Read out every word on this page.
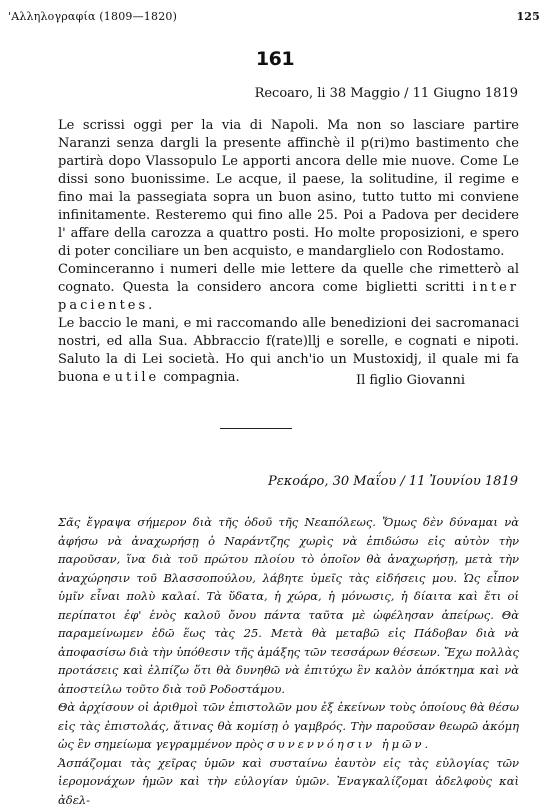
'Αλληλογραφία (1809—1820)	125
161
Recoaro, li 38 Maggio / 11 Giugno 1819

Le scrissi oggi per la via di Napoli. Ma non so lasciare partire Naranzi senza dargli la presente affinchè il p(ri)mo bastimento che partirà dopo Vlassopulo Le apporti ancora delle mie nuove. Come Le dissi sono buonissime. Le acque, il paese, la solitudine, il regime e fino mai la passegiata sopra un buon asino, tutto tutto mi conviene infinitamente. Resteremo qui fino alle 25. Poi a Padova per decidere l' affare della carozza a quattro posti. Ho molte proposizioni, e spero di poter conciliare un ben acquisto, e mandarglielo con Rodostamo.

Cominceranno i numeri delle mie lettere da quelle che rimetterò al cognato. Questa la considero ancora come biglietti scritti inter pacientes.

Le baccio le mani, e mi raccomando alle benedizioni dei sacromanaci nostri, ed alla Sua. Abbraccio f(rate)llj e sorelle, e cognati e nipoti. Saluto la di Lei società. Ho qui anch'io un Mustoxidj, il quale mi fa buona e utile compagnia.	Il figlio Giovanni
Ρεκοάρο, 30 Μαΐου / 11 Ἰουνίου 1819

Σᾶς ἔγραψα σήμερον διὰ τῆς ὁδοῦ τῆς Νεαπόλεως. Ὅμως δὲν δύναμαι νὰ ἀφήσω νὰ ἀναχωρήσῃ ὁ Ναράντζης χωρὶς νὰ ἐπιδώσω εἰς αὐτὸν τὴν παροῦσαν, ἵνα διὰ τοῦ πρώτου πλοίου τὸ ὁποῖον θὰ ἀναχωρήσῃ, μετὰ τὴν ἀναχώρησιν τοῦ Βλασσοπούλου, λάβητε ὑμεῖς τὰς εἰδήσεις μου. Ὡς εἶπον ὑμῖν εἶναι πολὺ καλαί. Τὰ ὕδατα, ἡ χώρα, ἡ μόνωσις, ἡ δίαιτα καὶ ἔτι οἱ περίπατοι ἐφ' ἑνὸς καλοῦ ὄνου πάντα ταῦτα μὲ ὠφέλησαν ἀπείρως. Θὰ παραμείνωμεν ἐδῶ ἕως τὰς 25. Μετὰ θὰ μεταβῶ εἰς Πάδοβαν διὰ νὰ ἀποφασίσω διὰ τὴν ὑπόθεσιν τῆς ἁμάξης τῶν τεσσάρων θέσεων. Ἔχω πολλὰς προτάσεις καὶ ἐλπίζω ὅτι θὰ δυνηθῶ νὰ ἐπιτύχω ἓν καλὸν ἀπόκτημα καὶ νὰ ἀποστείλω τοῦτο διὰ τοῦ Ροδοστάμου.

Θὰ ἀρχίσουν οἱ ἀριθμοὶ τῶν ἐπιστολῶν μου ἐξ ἐκείνων τοὺς ὁποίους θὰ θέσω εἰς τὰς ἐπιστολάς, ἅτινας θὰ κομίσῃ ὁ γαμβρός. Τὴν παροῦσαν θεωρῶ ἀκόμη ὡς ἓν σημείωμα γεγραμμένον πρὸς συνεννόησιν ἡμῶν.

Ἀσπάζομαι τὰς χεῖρας ὑμῶν καὶ συσταίνω ἑαυτὸν εἰς τὰς εὐλογίας τῶν ἱερομονάχων ἡμῶν καὶ τὴν εὐλογίαν ὑμῶν. Ἐναγκαλίζομαι ἀδελφοὺς καὶ ἀδελ-
